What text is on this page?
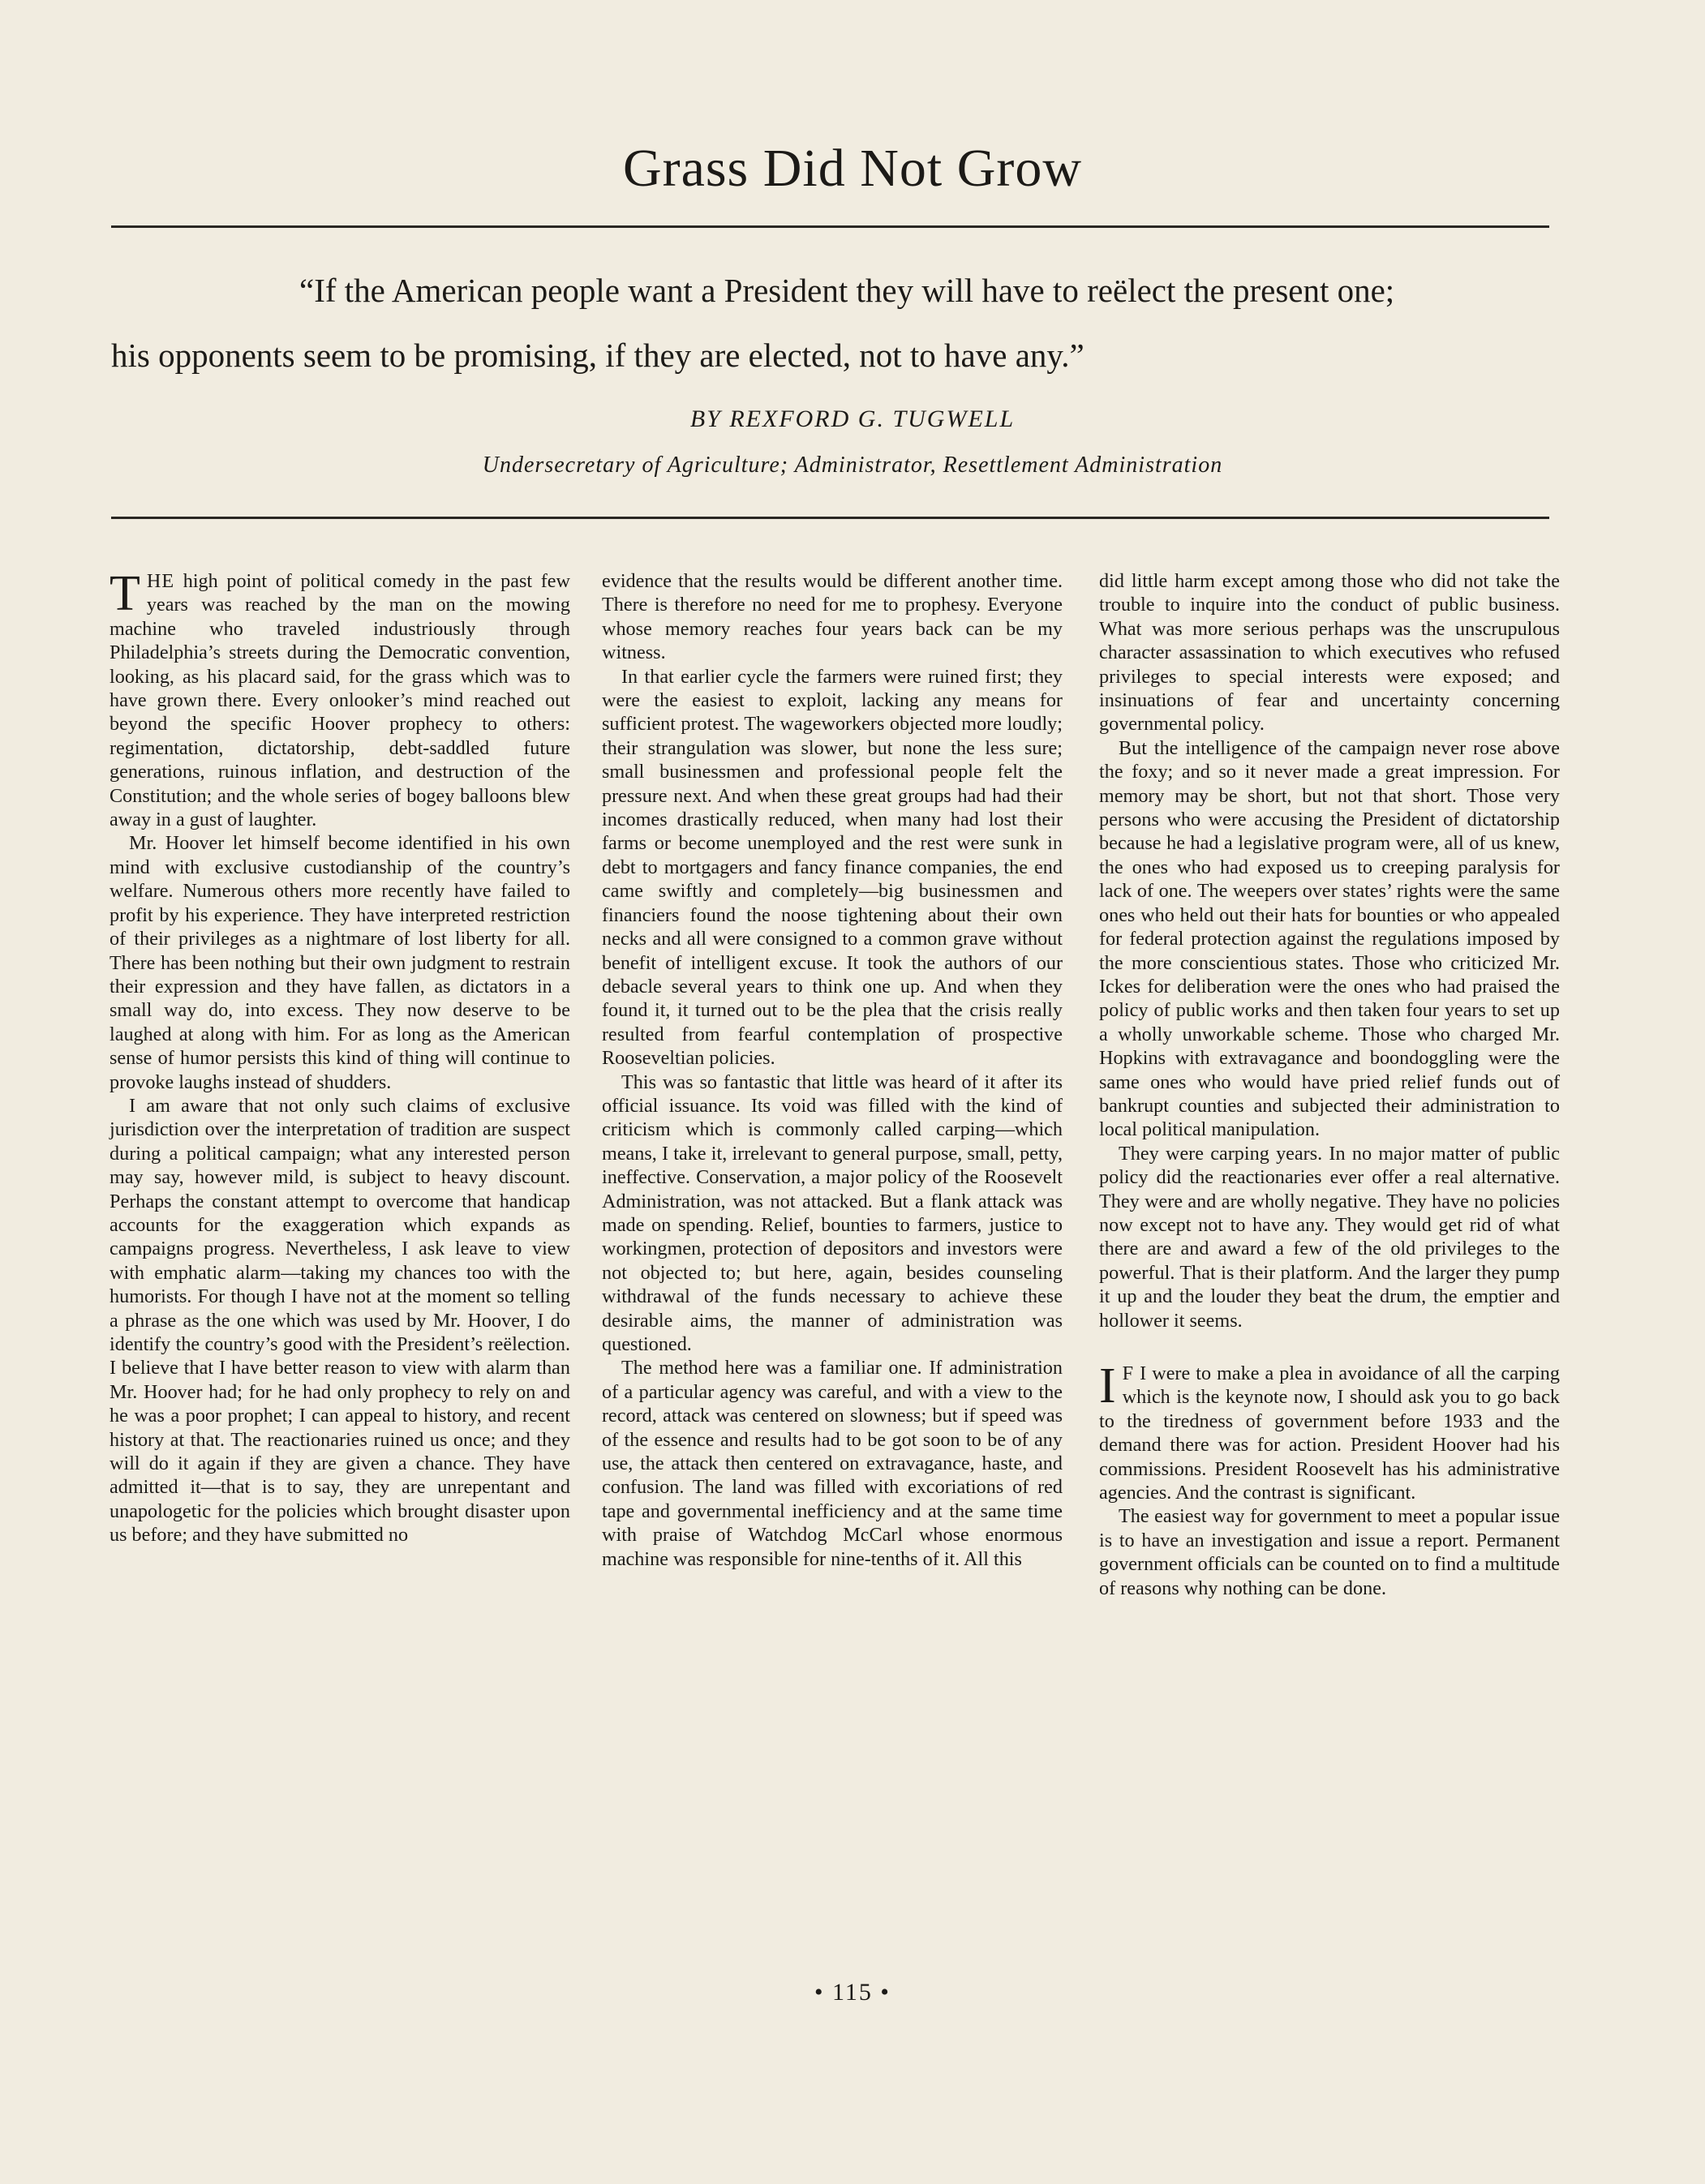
Grass Did Not Grow

“If the American people want a President they will have to reëlect the present one;
his opponents seem to be promising, if they are elected, not to have any.”

BY REXFORD G. TUGWELL

Undersecretary of Agriculture; Administrator, Resettlement Administration

THE high point of political comedy in the past few years was reached by the man on the mowing machine who traveled industriously through Philadelphia’s streets during the Democratic convention, looking, as his placard said, for the grass which was to have grown there. Every onlooker’s mind reached out beyond the specific Hoover prophecy to others: regimentation, dictatorship, debt-saddled future generations, ruinous inflation, and destruction of the Constitution; and the whole series of bogey balloons blew away in a gust of laughter.

Mr. Hoover let himself become identified in his own mind with exclusive custodianship of the country’s welfare. Numerous others more recently have failed to profit by his experience. They have interpreted restriction of their privileges as a nightmare of lost liberty for all. There has been nothing but their own judgment to restrain their expression and they have fallen, as dictators in a small way do, into excess. They now deserve to be laughed at along with him. For as long as the American sense of humor persists this kind of thing will continue to provoke laughs instead of shudders.

I am aware that not only such claims of exclusive jurisdiction over the interpretation of tradition are suspect during a political campaign; what any interested person may say, however mild, is subject to heavy discount. Perhaps the constant attempt to overcome that handicap accounts for the exaggeration which expands as campaigns progress. Nevertheless, I ask leave to view with emphatic alarm—taking my chances too with the humorists. For though I have not at the moment so telling a phrase as the one which was used by Mr. Hoover, I do identify the country’s good with the President’s reëlection. I believe that I have better reason to view with alarm than Mr. Hoover had; for he had only prophecy to rely on and he was a poor prophet; I can appeal to history, and recent history at that. The reactionaries ruined us once; and they will do it again if they are given a chance. They have admitted it—that is to say, they are unrepentant and unapologetic for the policies which brought disaster upon us before; and they have submitted no

evidence that the results would be different another time. There is therefore no need for me to prophesy. Everyone whose memory reaches four years back can be my witness.

In that earlier cycle the farmers were ruined first; they were the easiest to exploit, lacking any means for sufficient protest. The wageworkers objected more loudly; their strangulation was slower, but none the less sure; small businessmen and professional people felt the pressure next. And when these great groups had had their incomes drastically reduced, when many had lost their farms or become unemployed and the rest were sunk in debt to mortgagers and fancy finance companies, the end came swiftly and completely—big businessmen and financiers found the noose tightening about their own necks and all were consigned to a common grave without benefit of intelligent excuse. It took the authors of our debacle several years to think one up. And when they found it, it turned out to be the plea that the crisis really resulted from fearful contemplation of prospective Rooseveltian policies.

This was so fantastic that little was heard of it after its official issuance. Its void was filled with the kind of criticism which is commonly called carping—which means, I take it, irrelevant to general purpose, small, petty, ineffective. Conservation, a major policy of the Roosevelt Administration, was not attacked. But a flank attack was made on spending. Relief, bounties to farmers, justice to workingmen, protection of depositors and investors were not objected to; but here, again, besides counseling withdrawal of the funds necessary to achieve these desirable aims, the manner of administration was questioned.

The method here was a familiar one. If administration of a particular agency was careful, and with a view to the record, attack was centered on slowness; but if speed was of the essence and results had to be got soon to be of any use, the attack then centered on extravagance, haste, and confusion. The land was filled with excoriations of red tape and governmental inefficiency and at the same time with praise of Watchdog McCarl whose enormous machine was responsible for nine-tenths of it. All this

did little harm except among those who did not take the trouble to inquire into the conduct of public business. What was more serious perhaps was the unscrupulous character assassination to which executives who refused privileges to special interests were exposed; and insinuations of fear and uncertainty concerning governmental policy.

But the intelligence of the campaign never rose above the foxy; and so it never made a great impression. For memory may be short, but not that short. Those very persons who were accusing the President of dictatorship because he had a legislative program were, all of us knew, the ones who had exposed us to creeping paralysis for lack of one. The weepers over states’ rights were the same ones who held out their hats for bounties or who appealed for federal protection against the regulations imposed by the more conscientious states. Those who criticized Mr. Ickes for deliberation were the ones who had praised the policy of public works and then taken four years to set up a wholly unworkable scheme. Those who charged Mr. Hopkins with extravagance and boondoggling were the same ones who would have pried relief funds out of bankrupt counties and subjected their administration to local political manipulation.

They were carping years. In no major matter of public policy did the reactionaries ever offer a real alternative. They were and are wholly negative. They have no policies now except not to have any. They would get rid of what there are and award a few of the old privileges to the powerful. That is their platform. And the larger they pump it up and the louder they beat the drum, the emptier and hollower it seems.

I F I were to make a plea in avoidance of all the carping which is the keynote now, I should ask you to go back to the tiredness of government before 1933 and the demand there was for action. President Hoover had his commissions. President Roosevelt has his administrative agencies. And the contrast is significant.

The easiest way for government to meet a popular issue is to have an investigation and issue a report. Permanent government officials can be counted on to find a multitude of reasons why nothing can be done.

• 115 •
